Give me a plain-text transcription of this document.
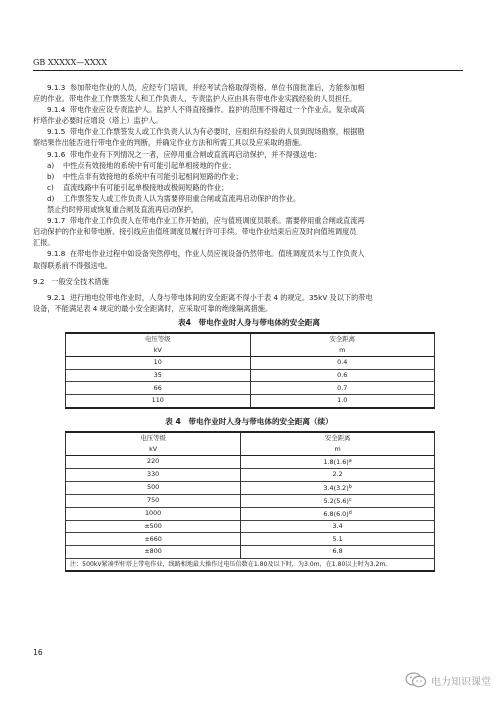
GB XXXXX—XXXX

9.1.3 参加带电作业的人员，应经专门培训，并经考试合格取得资格、单位书面批准后，方能参加相

应的作业。带电作业工作票签发人和工作负责人、专责监护人应由具有带电作业实践经验的人员担任。

9.1.4 带电作业应设专责监护人。监护人不得直接操作。监护的范围不得超过一个作业点。复杂或高

杆塔作业必要时应增设（塔上）监护人。

9.1.5 带电作业工作票签发人或工作负责人认为有必要时，应组织有经验的人员到现场勘察，根据勘

察结果作出能否进行带电作业的判断，并确定作业方法和所需工具以及应采取的措施。

9.1.6 带电作业有下列情况之一者，应停用重合闸或直流再启动保护，并不得强送电：

a)	中性点有效接地的系统中有可能引起单相接地的作业；
b)	中性点非有效接地的系统中有可能引起相间短路的作业；
c)	直流线路中有可能引起单极接地或极间短路的作业；
d)	工作票签发人或工作负责人认为需要停用重合闸或直流再启动保护的作业。

禁止约时停用或恢复重合闸及直流再启动保护。

9.1.7 带电作业工作负责人在带电作业工作开始前，应与值班调度员联系。需要停用重合闸或直流再

启动保护的作业和带电断、接引线应由值班调度员履行许可手续。带电作业结束后应及时向值班调度员

汇报。

9.1.8 在带电作业过程中如设备突然停电，作业人员应视设备仍然带电。值班调度员未与工作负责人

取得联系前不得强送电。

9.2 一般安全技术措施

9.2.1 进行地电位带电作业时，人身与带电体间的安全距离不得小于表 4 的规定。35kV 及以下的带电

设备，不能满足表 4 规定的最小安全距离时，应采取可靠的绝缘隔离措施。

表4　带电作业时人身与带电体的安全距离
电压等级	安全距离
kV	m
10	0.4
35	0.6
66	0.7
110	1.0
表 4　带电作业时人身与带电体的安全距离（续）
电压等级	安全距离
kV	m
220	$1.8(1.6)^a$
330	2.2
500	$3.4(3.2)^b$
750	$5.2(5.6)^c$
1000	$6.8(6.0)^d$
±500	3.4
±660	5.1
±800	6.8
注：500kV紧凑型杆塔上带电作业，线路相地最大操作过电压倍数在1.80及以下时，为3.0m，在1.80以上时为3.2m。	
16
电力知识课堂
